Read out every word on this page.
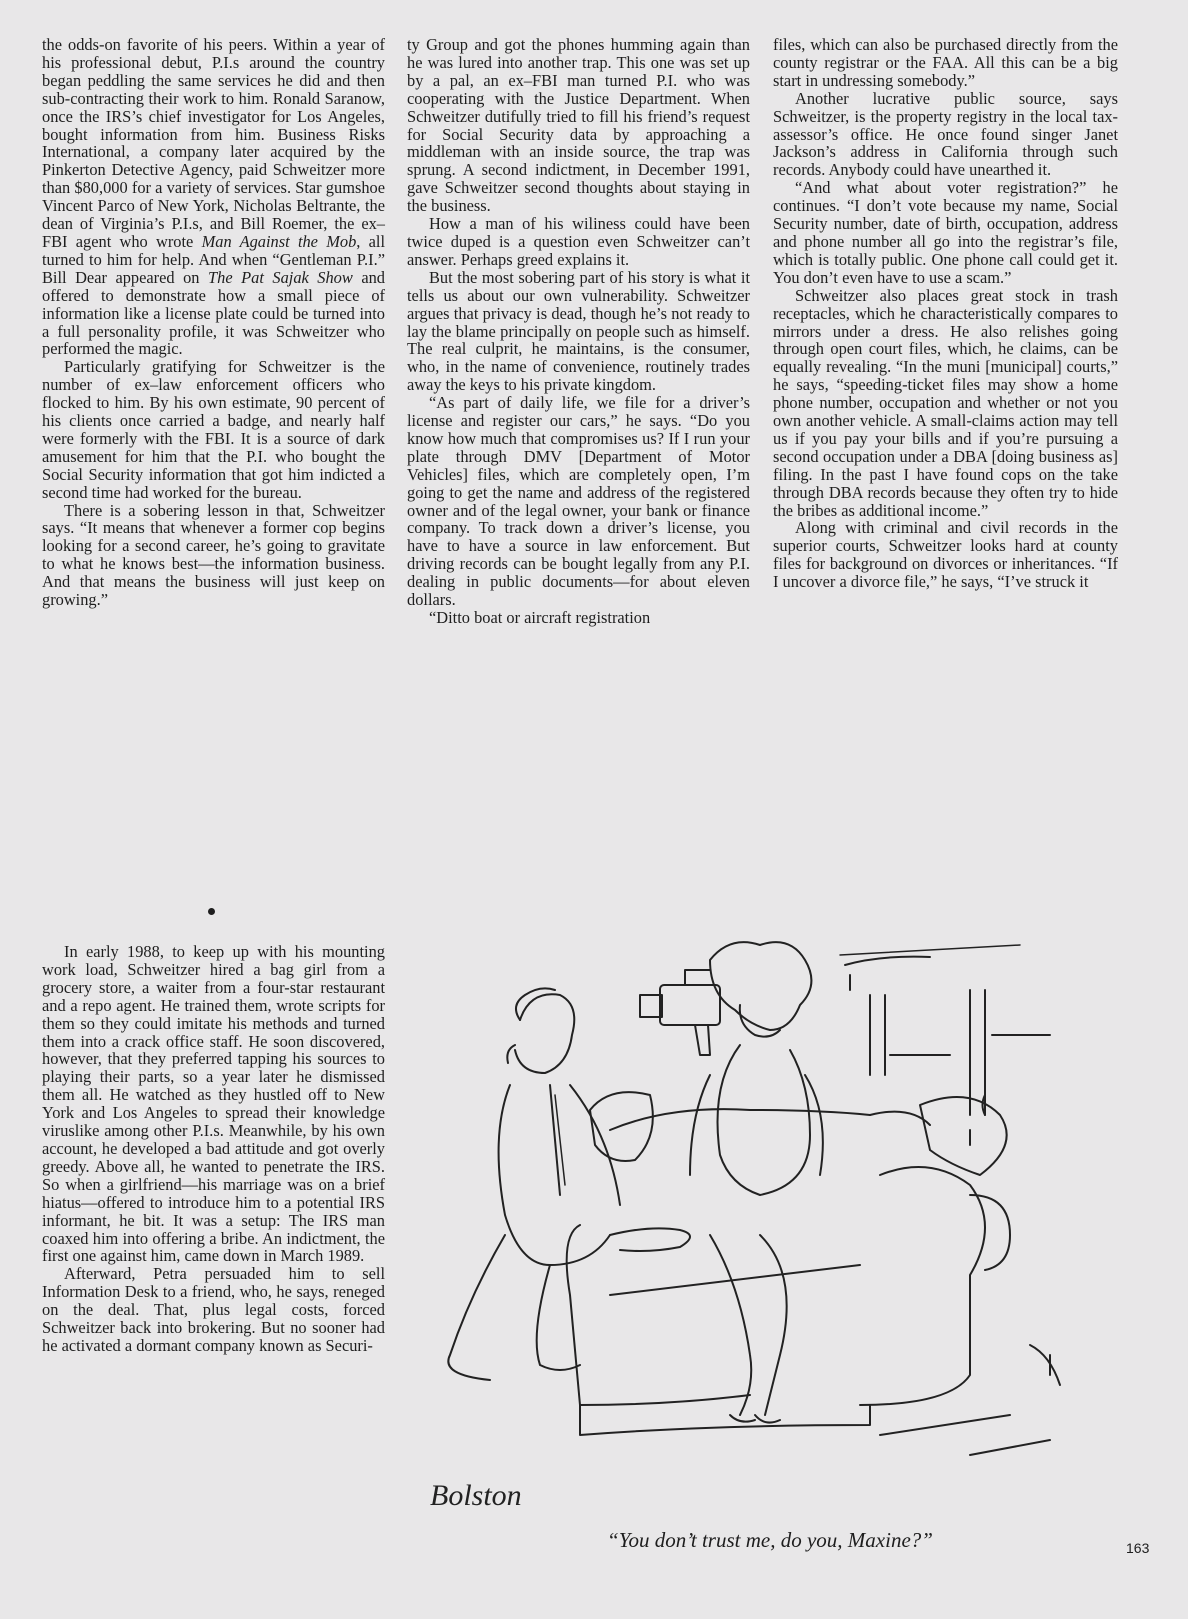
the odds-on favorite of his peers. Within a year of his professional debut, P.I.s around the country began peddling the same services he did and then sub-contracting their work to him. Ronald Saranow, once the IRS’s chief investigator for Los Angeles, bought information from him. Business Risks International, a company later acquired by the Pinkerton Detective Agency, paid Schweitzer more than $80,000 for a variety of services. Star gumshoe Vincent Parco of New York, Nicholas Beltrante, the dean of Virginia’s P.I.s, and Bill Roemer, the ex–FBI agent who wrote Man Against the Mob, all turned to him for help. And when “Gentleman P.I.” Bill Dear appeared on The Pat Sajak Show and offered to demonstrate how a small piece of information like a license plate could be turned into a full personality profile, it was Schweitzer who performed the magic.

Particularly gratifying for Schweitzer is the number of ex–law enforcement officers who flocked to him. By his own estimate, 90 percent of his clients once carried a badge, and nearly half were formerly with the FBI. It is a source of dark amusement for him that the P.I. who bought the Social Security information that got him indicted a second time had worked for the bureau.

There is a sobering lesson in that, Schweitzer says. “It means that whenever a former cop begins looking for a second career, he’s going to gravitate to what he knows best—the information business. And that means the business will just keep on growing.”

In early 1988, to keep up with his mounting work load, Schweitzer hired a bag girl from a grocery store, a waiter from a four-star restaurant and a repo agent. He trained them, wrote scripts for them so they could imitate his methods and turned them into a crack office staff. He soon discovered, however, that they preferred tapping his sources to playing their parts, so a year later he dismissed them all. He watched as they hustled off to New York and Los Angeles to spread their knowledge viruslike among other P.I.s. Meanwhile, by his own account, he developed a bad attitude and got overly greedy. Above all, he wanted to penetrate the IRS. So when a girlfriend—his marriage was on a brief hiatus—offered to introduce him to a potential IRS informant, he bit. It was a setup: The IRS man coaxed him into offering a bribe. An indictment, the first one against him, came down in March 1989.

Afterward, Petra persuaded him to sell Information Desk to a friend, who, he says, reneged on the deal. That, plus legal costs, forced Schweitzer back into brokering. But no sooner had he activated a dormant company known as Securi-

ty Group and got the phones humming again than he was lured into another trap. This one was set up by a pal, an ex–FBI man turned P.I. who was cooperating with the Justice Department. When Schweitzer dutifully tried to fill his friend’s request for Social Security data by approaching a middleman with an inside source, the trap was sprung. A second indictment, in December 1991, gave Schweitzer second thoughts about staying in the business.

How a man of his wiliness could have been twice duped is a question even Schweitzer can’t answer. Perhaps greed explains it.

But the most sobering part of his story is what it tells us about our own vulnerability. Schweitzer argues that privacy is dead, though he’s not ready to lay the blame principally on people such as himself. The real culprit, he maintains, is the consumer, who, in the name of convenience, routinely trades away the keys to his private kingdom.

“As part of daily life, we file for a driver’s license and register our cars,” he says. “Do you know how much that compromises us? If I run your plate through DMV [Department of Motor Vehicles] files, which are completely open, I’m going to get the name and address of the registered owner and of the legal owner, your bank or finance company. To track down a driver’s license, you have to have a source in law enforcement. But driving records can be bought legally from any P.I. dealing in public documents—for about eleven dollars.

“Ditto boat or aircraft registration

files, which can also be purchased directly from the county registrar or the FAA. All this can be a big start in undressing somebody.”

Another lucrative public source, says Schweitzer, is the property registry in the local tax-assessor’s office. He once found singer Janet Jackson’s address in California through such records. Anybody could have unearthed it.

“And what about voter registration?” he continues. “I don’t vote because my name, Social Security number, date of birth, occupation, address and phone number all go into the registrar’s file, which is totally public. One phone call could get it. You don’t even have to use a scam.”

Schweitzer also places great stock in trash receptacles, which he characteristically compares to mirrors under a dress. He also relishes going through open court files, which, he claims, can be equally revealing. “In the muni [municipal] courts,” he says, “speeding-ticket files may show a home phone number, occupation and whether or not you own another vehicle. A small-claims action may tell us if you pay your bills and if you’re pursuing a second occupation under a DBA [doing business as] filing. In the past I have found cops on the take through DBA records because they often try to hide the bribes as additional income.”

Along with criminal and civil records in the superior courts, Schweitzer looks hard at county files for background on divorces or inheritances. “If I uncover a divorce file,” he says, “I’ve struck it

Bolston
“You don’t trust me, do you, Maxine?”	163
